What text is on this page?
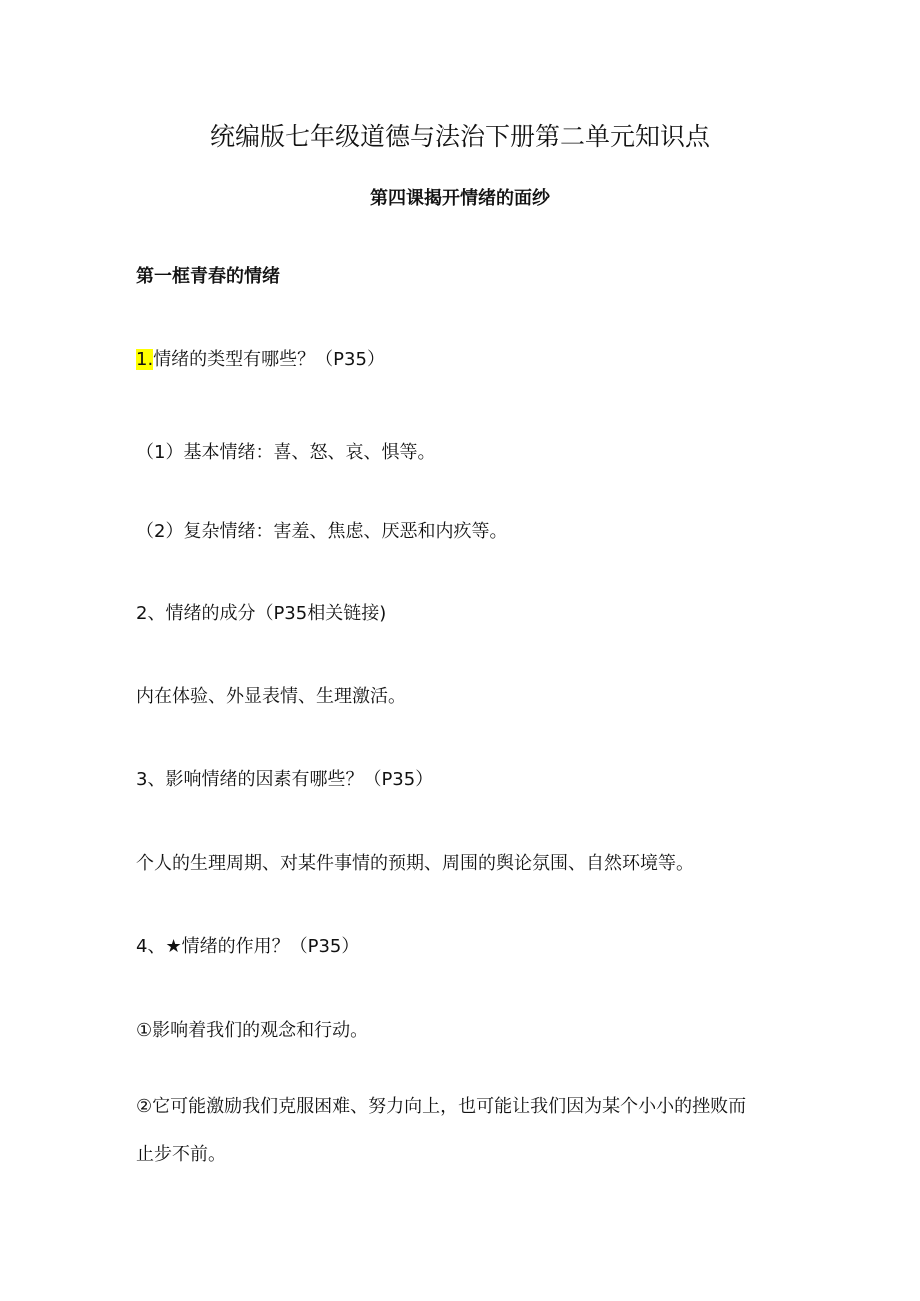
统编版七年级道德与法治下册第二单元知识点
第四课揭开情绪的面纱
第一框青春的情绪
1.情绪的类型有哪些？（P35）
（1）基本情绪：喜、怒、哀、惧等。
（2）复杂情绪：害羞、焦虑、厌恶和内疚等。
2、情绪的成分（P35相关链接)
内在体验、外显表情、生理激活。
3、影响情绪的因素有哪些？（P35）
个人的生理周期、对某件事情的预期、周围的舆论氛围、自然环境等。
4、★情绪的作用？（P35）
①影响着我们的观念和行动。
②它可能激励我们克服困难、努力向上，也可能让我们因为某个小小的挫败而
止步不前。
